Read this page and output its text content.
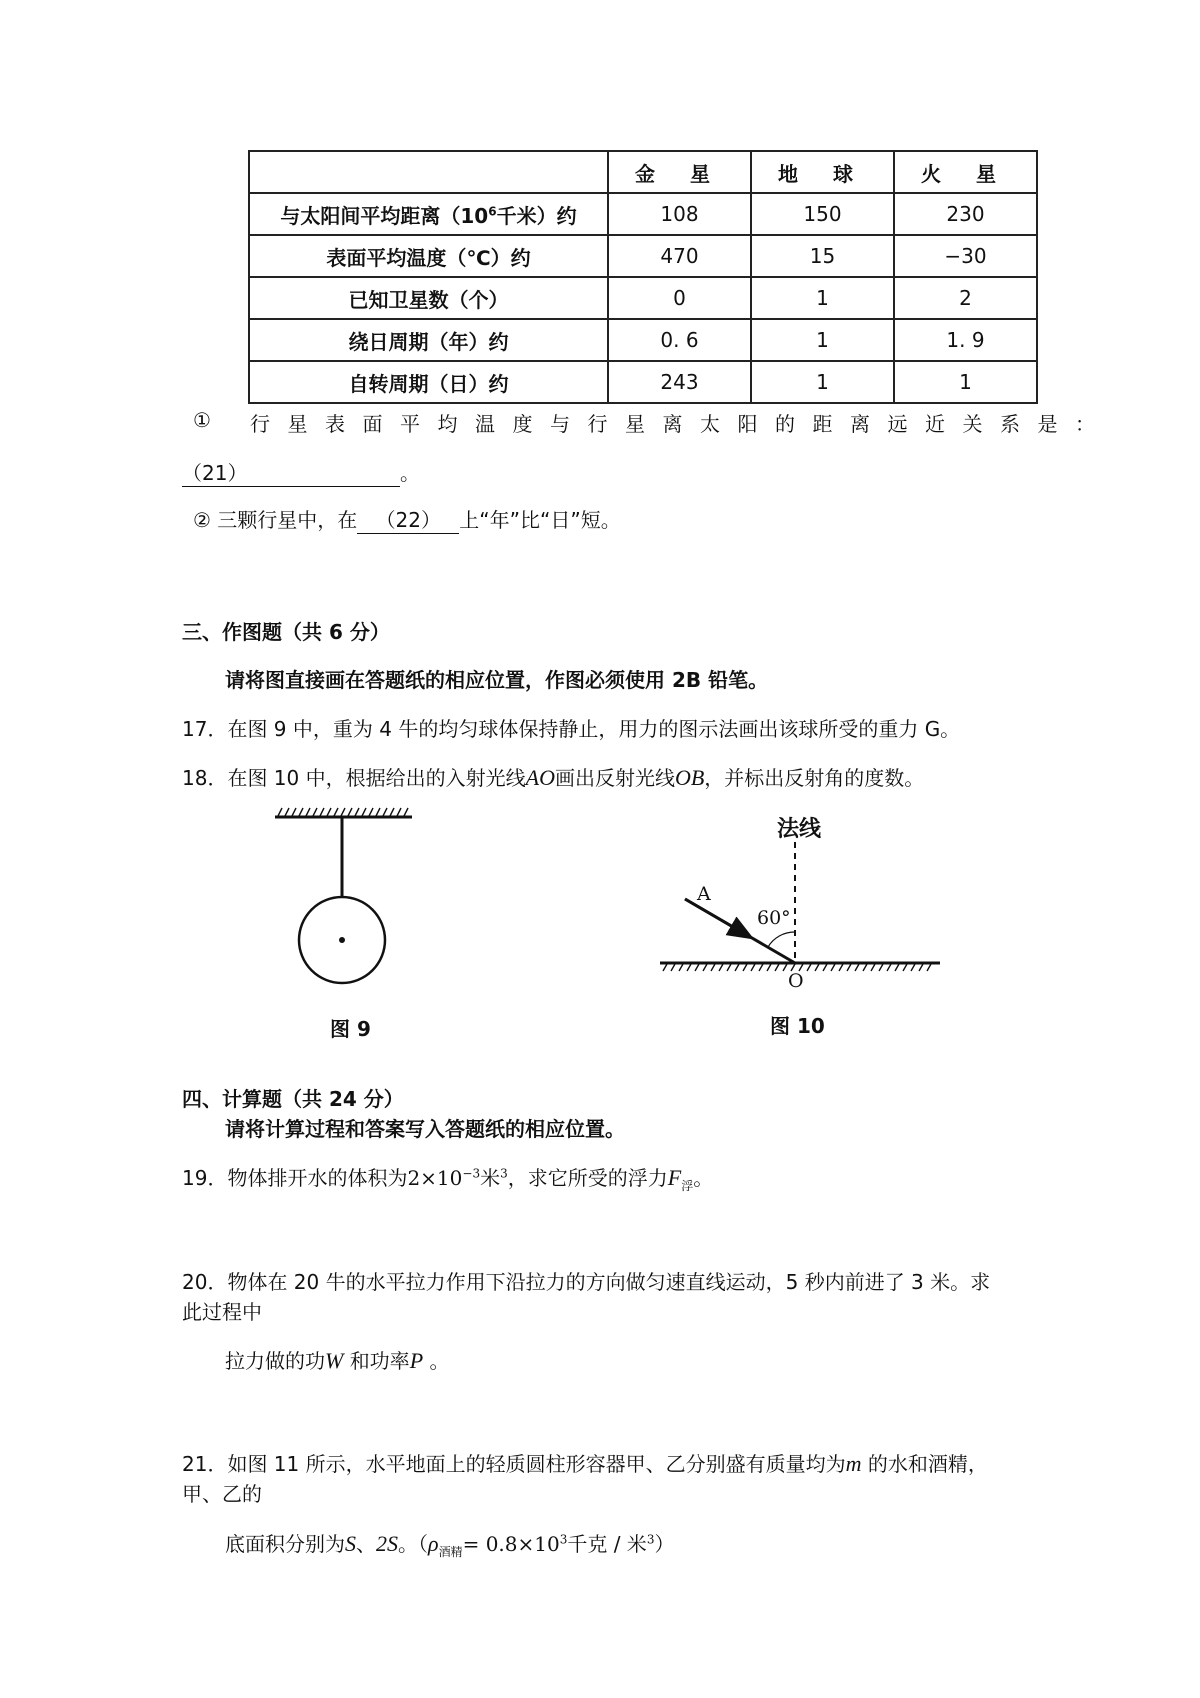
	金 星	地 球	火 星
与太阳间平均距离（$10^6$千米）约	108	150	230
表面平均温度（℃）约	470	15	−30
已知卫星数（个）	0	1	2
绕日周期（年）约	0. 6	1	1. 9
自转周期（日）约	243	1	1
① 行星表面平均温度与行星离太阳的距离远近关系是：
（21）	。
② 三颗行星中，在 （22） 上“年”比“日”短。
三、作图题（共 6 分）
请将图直接画在答题纸的相应位置，作图必须使用 2B 铅笔。
17．在图 9 中，重为 4 牛的均匀球体保持静止，用力的图示法画出该球所受的重力 G。
18．在图 10 中，根据给出的入射光线AO画出反射光线OB，并标出反射角的度数。
图 9
法线
A
60°
O
图 10
四、计算题（共 24 分）
请将计算过程和答案写入答题纸的相应位置。
19．物体排开水的体积为$2\times 10^{-3}$米$^3$，求它所受的浮力$F_浮$。
20．物体在 20 牛的水平拉力作用下沿拉力的方向做匀速直线运动，5 秒内前进了 3 米。求
此过程中
拉力做的功W 和功率P 。
21．如图 11 所示，水平地面上的轻质圆柱形容器甲、乙分别盛有质量均为m 的水和酒精，
甲、乙的
底面积分别为S、2S。（$\rho_{酒精}= 0.8\times 10^3$千克 / 米$^3$）
